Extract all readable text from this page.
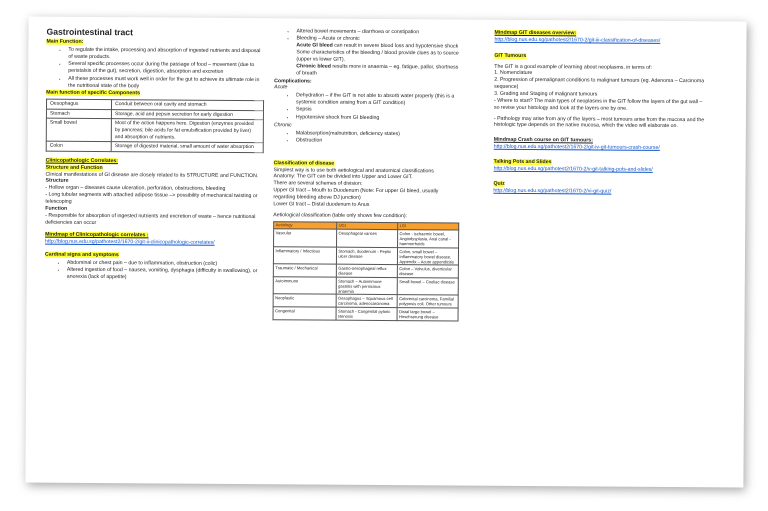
Gastrointestinal tract
Main Function:
• To regulate the intake, processing and absorption of ingested nutrients and disposal of waste products.
• Several specific processes occur during the passage of food – movement (due to peristalsis of the gut), secretion, digestion, absorption and excretion
• All these processes must work well in order for the gut to achieve its ultimate role in the nutritional state of the body
Main function of specific Components
Oesophagus	Conduit between oral cavity and stomach
Stomach	Storage, acid and pepsin secretion for early digestion
Small bowel	Most of the action happens here. Digestion (enzymes provided by pancreas; bile acids for fat emulsification provided by liver) and absorption of nutrients.
Colon	Storage of digested material, small amount of water absorption
Clinicopathologic Correlates:
Structure and Function

Clinical manifestations of GI disease are closely related to its STRUCTURE and FUNCTION.

Structure

- Hollow organ – diseases cause ulceration, perforation, obstructions, bleeding

- Long tubular segments with attached adipose tissue –> possibility of mechanical twisting or telescoping

Function

- Responsible for absorption of ingested nutrients and excretion of waste – hence nutritional deficiencies can occur

Mindmap of Clinicopathologic correlates :

http://blog.nus.edu.sg/pathotest2/1670-2/git-ii-clinicopathologic-correlates/

Cardinal signs and symptoms
• Abdominal or chest pain – due to inflammation, obstruction (colic)
• Altered ingestion of food – nausea, vomiting, dysphagia (difficulty in swallowing), or anorexia (lack of appetite)
• Altered bowel movements – diarrhoea or constipation
• Bleeding – Acute or chronic
Acute GI bleed can result in severe blood loss and hypotensive shock
Some characteristics of the bleeding / blood provide clues as to source (upper vs lower GIT).
Chronic bleed results more in anaemia – eg. fatigue, pallor, shortness of breath

Complications:

Acute

• Dehydration – if the GIT is not able to absorb water properly (this is a systemic condition arising from a GIT condition)
• Sepsis
• Hypotensive shock from GI bleeding

Chronic

• Malabsorption(malnutrition, deficiency states)
• Obstruction
Classification of disease

Simplest way is to use both aetiological and anatomical classifications

Anatomy: The GIT can be divided into Upper and Lower GIT.

There are several schemes of division:

Upper GI tract – Mouth to Duodenum (Note: For upper GI bleed, usually regarding bleeding above DJ junction)

Lower GI tract – Distal duodenum to Anus

Aetiological classification (table only shows few condition):

Aetiology	UGI	LGI
Vascular	Oesophageal varices	Colon - ischaemic bowel, Angiodysplasia, Anal canal - haemorrhoids
Inflammatory / Infectious	Stomach, duodenum - Peptic ulcer disease	Colon, small bowel – Inflammatory bowel disease, Appendix – Acute appendicitis
Traumatic / Mechanical	Gastro-oesophageal reflux disease	Colon – Volvulus, diverticular disease
Autoimmune	Stomach – Autoimmune gastritis with pernicious anaemia	Small bowel – Coeliac disease
Neoplastic	Oesophagus – Squamous cell carcinoma, adenocarcinoma	Colorectal carcinoma, Familial polyposis coli, Other tumours
Congenital	Stomach - Congenital pyloric stenosis	Distal large bowel – Hirschsprung disease
Mindmap GIT diseases overview:

http://blog.nus.edu.sg/pathotest2/1670-2/git-iii-classification-of-diseases/

GIT Tumours

The GIT is a good example of learning about neoplasms, in terms of:

1. Nomenclature

2. Progression of premalignant conditions to malignant tumours (eg. Adenoma – Carcinoma sequence)

3. Grading and Staging of malignant tumours

- Where to start? The main types of neoplasms in the GIT follow the layers of the gut wall – so revise your histology and look at the layers one by one.

- Pathology may arise from any of the layers – most tumours arise from the mucosa and the histologic type depends on the native mucosa, which the video will elaborate on.

Mindmap Crash course on GIT tumours:

http://blog.nus.edu.sg/pathotest2/1670-2/git-iv-git-tumours-crash-course/

Talking Pots and Slides

http://blog.nus.edu.sg/pathotest2/1670-2/v-git-talking-pots-and-slides/

Quiz

http://blog.nus.edu.sg/pathotest2/1670-2/vi-git-quiz/
